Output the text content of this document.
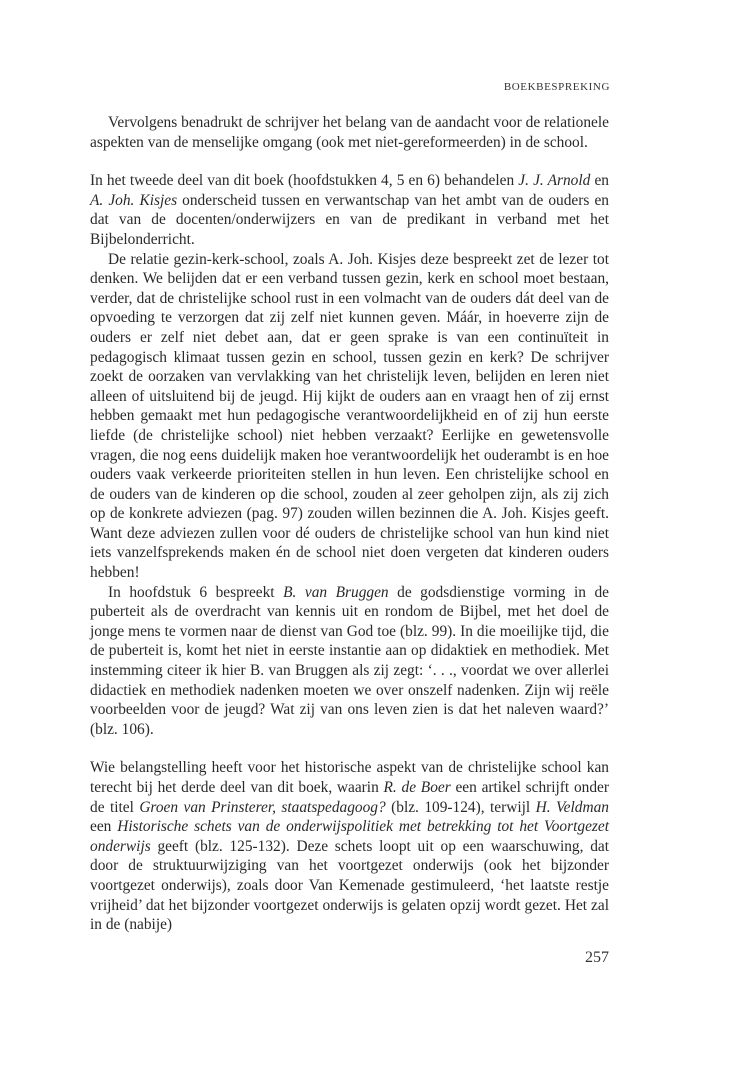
BOEKBESPREKING

Vervolgens benadrukt de schrijver het belang van de aandacht voor de relationele aspekten van de menselijke omgang (ook met niet-gereformeerden) in de school.

In het tweede deel van dit boek (hoofdstukken 4, 5 en 6) behandelen J. J. Arnold en A. Joh. Kisjes onderscheid tussen en verwantschap van het ambt van de ouders en dat van de docenten/onderwijzers en van de predikant in verband met het Bijbelonderricht.

De relatie gezin-kerk-school, zoals A. Joh. Kisjes deze bespreekt zet de lezer tot denken. We belijden dat er een verband tussen gezin, kerk en school moet bestaan, verder, dat de christelijke school rust in een volmacht van de ouders dát deel van de opvoeding te verzorgen dat zij zelf niet kunnen geven. Máár, in hoeverre zijn de ouders er zelf niet debet aan, dat er geen sprake is van een continuïteit in pedagogisch klimaat tussen gezin en school, tussen gezin en kerk? De schrijver zoekt de oorzaken van vervlakking van het christelijk leven, belijden en leren niet alleen of uitsluitend bij de jeugd. Hij kijkt de ouders aan en vraagt hen of zij ernst hebben gemaakt met hun pedagogische verantwoordelijkheid en of zij hun eerste liefde (de christelijke school) niet hebben verzaakt? Eerlijke en gewetensvolle vragen, die nog eens duidelijk maken hoe verantwoordelijk het ouderambt is en hoe ouders vaak verkeerde prioriteiten stellen in hun leven. Een christelijke school en de ouders van de kinderen op die school, zouden al zeer geholpen zijn, als zij zich op de konkrete adviezen (pag. 97) zouden willen bezinnen die A. Joh. Kisjes geeft. Want deze adviezen zullen voor dé ouders de christelijke school van hun kind niet iets vanzelfsprekends maken én de school niet doen vergeten dat kinderen ouders hebben!

In hoofdstuk 6 bespreekt B. van Bruggen de godsdienstige vorming in de puberteit als de overdracht van kennis uit en rondom de Bijbel, met het doel de jonge mens te vormen naar de dienst van God toe (blz. 99). In die moeilijke tijd, die de puberteit is, komt het niet in eerste instantie aan op didaktiek en methodiek. Met instemming citeer ik hier B. van Bruggen als zij zegt: ‘. . ., voordat we over allerlei didactiek en methodiek nadenken moeten we over onszelf nadenken. Zijn wij reële voorbeelden voor de jeugd? Wat zij van ons leven zien is dat het naleven waard?’ (blz. 106).

Wie belangstelling heeft voor het historische aspekt van de christelijke school kan terecht bij het derde deel van dit boek, waarin R. de Boer een artikel schrijft onder de titel Groen van Prinsterer, staatspedagoog? (blz. 109-124), terwijl H. Veldman een Historische schets van de onderwijspolitiek met betrekking tot het Voortgezet onderwijs geeft (blz. 125-132). Deze schets loopt uit op een waarschuwing, dat door de struktuurwijziging van het voortgezet onderwijs (ook het bijzonder voortgezet onderwijs), zoals door Van Kemenade gestimuleerd, ‘het laatste restje vrijheid’ dat het bijzonder voortgezet onderwijs is gelaten opzij wordt gezet. Het zal in de (nabije)

257
